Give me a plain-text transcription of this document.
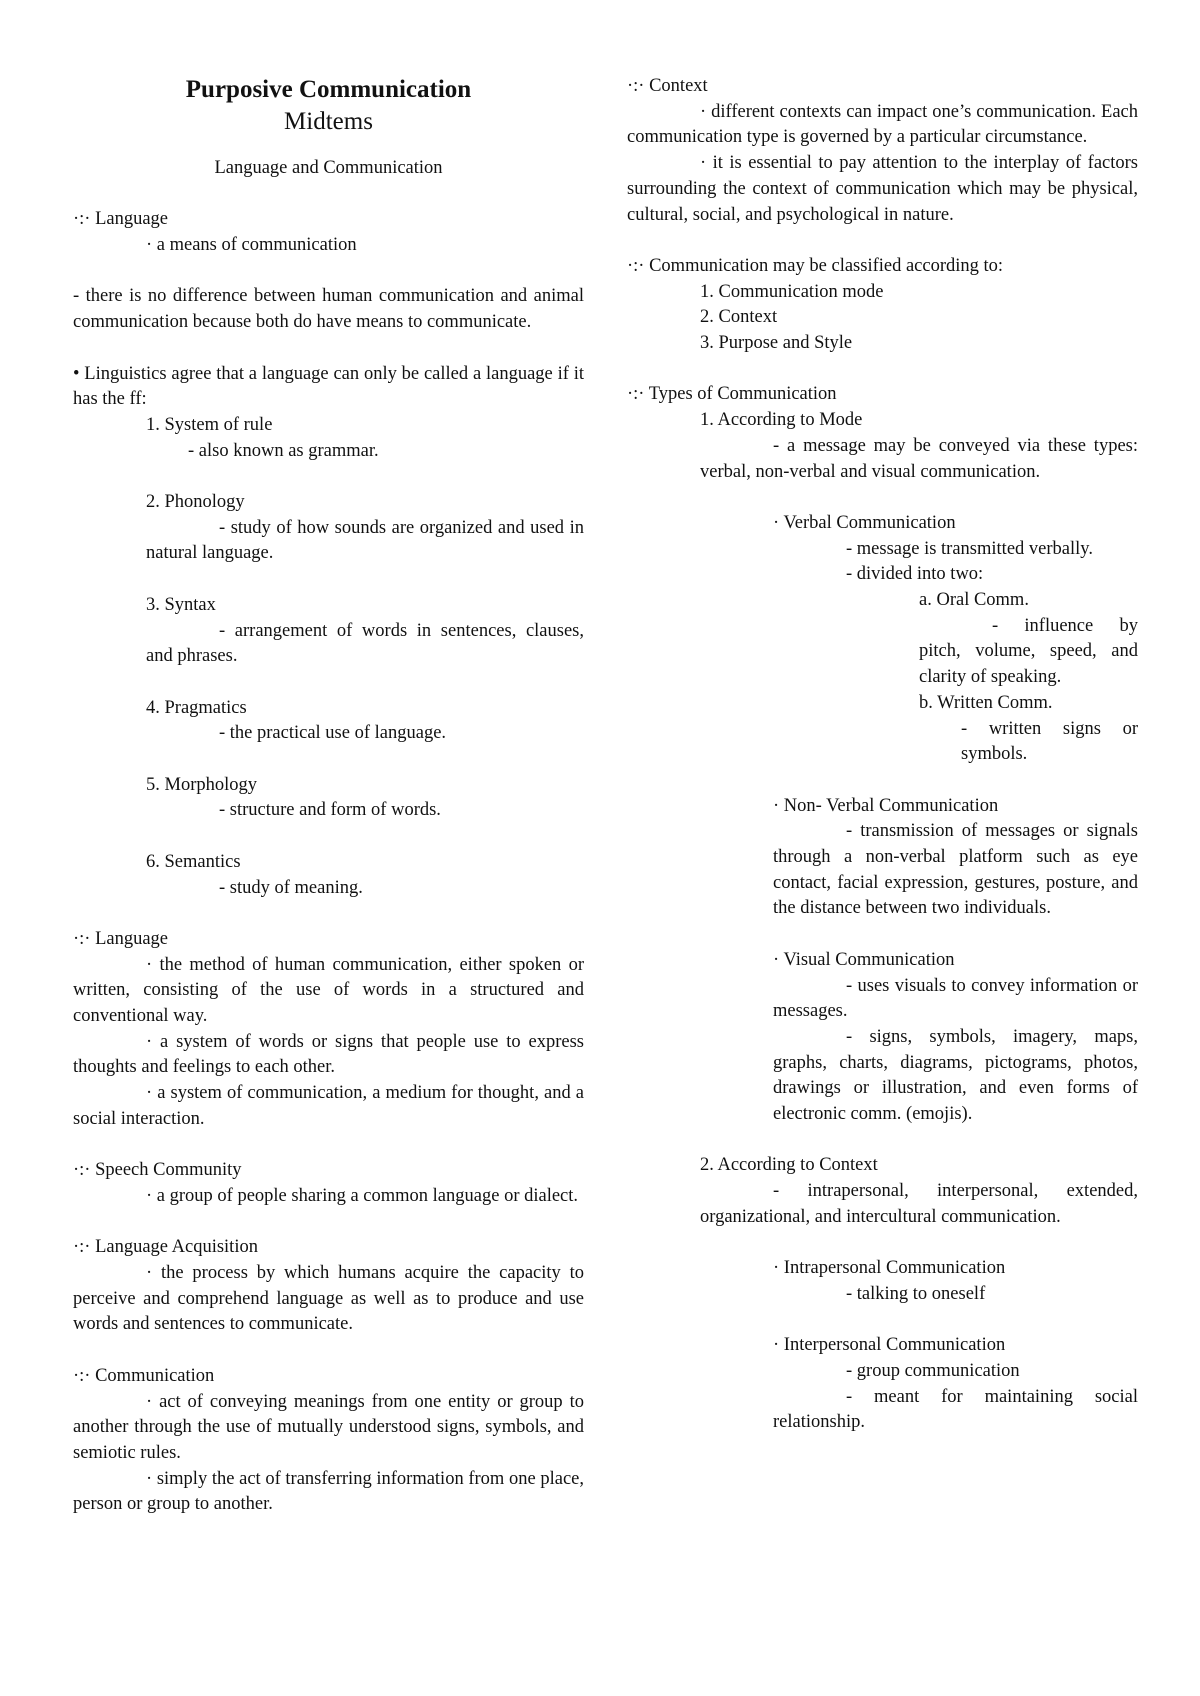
Purposive Communication

Midtems

Language and Communication

·:· Language

· a means of communication

- there is no difference between human communication and animal communication because both do have means to communicate.

• Linguistics agree that a language can only be called a language if it has the ff:

1. System of rule

- also known as grammar.

2. Phonology

- study of how sounds are organized and used in natural language.

3. Syntax

- arrangement of words in sentences, clauses, and phrases.

4. Pragmatics

- the practical use of language.

5. Morphology

- structure and form of words.

6. Semantics

- study of meaning.

·:· Language

· the method of human communication, either spoken or written, consisting of the use of words in a structured and conventional way.

· a system of words or signs that people use to express thoughts and feelings to each other.

· a system of communication, a medium for thought, and a social interaction.

·:· Speech Community

· a group of people sharing a common language or dialect.

·:· Language Acquisition

· the process by which humans acquire the capacity to perceive and comprehend language as well as to produce and use words and sentences to communicate.

·:· Communication

· act of conveying meanings from one entity or group to another through the use of mutually understood signs, symbols, and semiotic rules.

· simply the act of transferring information from one place, person or group to another.

·:· Context

· different contexts can impact one’s communication. Each communication type is governed by a particular circumstance.

· it is essential to pay attention to the interplay of factors surrounding the context of communication which may be physical, cultural, social, and psychological in nature.

·:· Communication may be classified according to:

1. Communication mode

2. Context

3. Purpose and Style

·:· Types of Communication

1. According to Mode

- a message may be conveyed via these types: verbal, non-verbal and visual communication.

· Verbal Communication

- message is transmitted verbally.

- divided into two:

a. Oral Comm.

- influence by pitch, volume, speed, and clarity of speaking.

b. Written Comm.

- written signs or symbols.

· Non- Verbal Communication

- transmission of messages or signals through a non-verbal platform such as eye contact, facial expression, gestures, posture, and the distance between two individuals.

· Visual Communication

- uses visuals to convey information or messages.

- signs, symbols, imagery, maps, graphs, charts, diagrams, pictograms, photos, drawings or illustration, and even forms of electronic comm. (emojis).

2. According to Context

- intrapersonal, interpersonal, extended, organizational, and intercultural communication.

· Intrapersonal Communication

- talking to oneself

· Interpersonal Communication

- group communication

- meant for maintaining social relationship.
